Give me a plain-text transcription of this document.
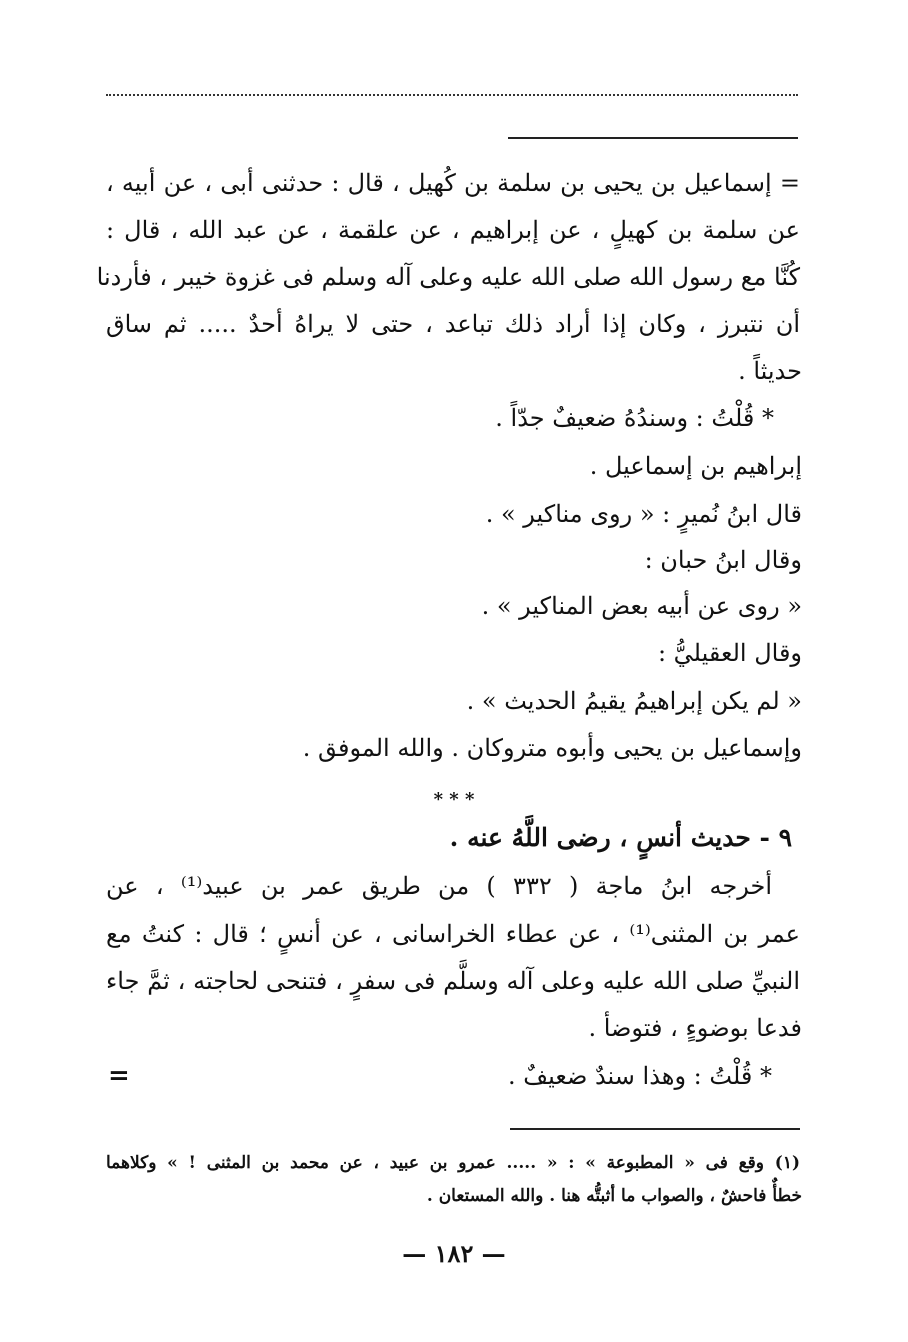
= إسماعيل بن يحيى بن سلمة بن كُهيل ، قال : حدثنى أبى ، عن أبيه ،
عن سلمة بن كهيلٍ ، عن إبراهيم ، عن علقمة ، عن عبد الله ، قال :
كُنَّا مع رسول الله صلى الله عليه وعلى آله وسلم فى غزوة خيبر ، فأردنا
أن نتبرز ، وكان إذا أراد ذلك تباعد ، حتى لا يراهُ أحدٌ ..... ثم ساق
حديثاً .
* قُلْتُ : وسندُهُ ضعيفٌ جدّاً .
إبراهيم بن إسماعيل .
قال ابنُ نُميرٍ : « روى مناكير » .
وقال ابنُ حبان :
« روى عن أبيه بعض المناكير » .
وقال العقيليُّ :
« لم يكن إبراهيمُ يقيمُ الحديث » .
وإسماعيل بن يحيى وأبوه متروكان . والله الموفق .
* * *
٩ - حديث أنسٍ ، رضى اللَّهُ عنه .
أخرجه ابنُ ماجة ( ٣٣٢ ) من طريق عمر بن عبيد⁽¹⁾ ، عن
عمر بن المثنى⁽¹⁾ ، عن عطاء الخراسانى ، عن أنسٍ ؛ قال : كنتُ مع
النبيِّ صلى الله عليه وعلى آله وسلَّم فى سفرٍ ، فتنحى لحاجته ، ثمَّ جاء
فدعا بوضوءٍ ، فتوضأ .
* قُلْتُ : وهذا سندٌ ضعيفٌ .
=
(١) وقع فى « المطبوعة » : « ..... عمرو بن عبيد ، عن محمد بن المثنى ! » وكلاهما
خطأٌ فاحشٌ ، والصواب ما أثبتُّه هنا . والله المستعان .
— ١٨٢ —
